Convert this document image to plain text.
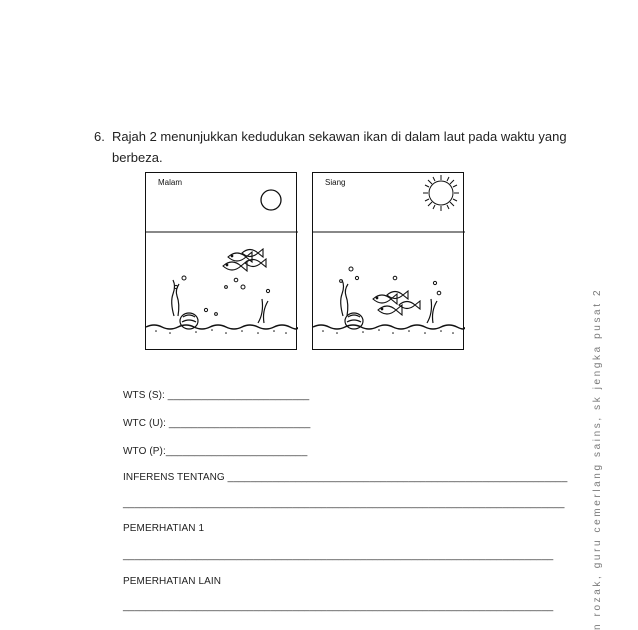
6. Rajah 2 menunjukkan kedudukan sekawan ikan di dalam laut pada waktu yang
berbeza.
Malam	Siang
WTS (S): _________________________
WTC (U): _________________________
WTO (P):_________________________
INFERENS TENTANG ____________________________________________________________
______________________________________________________________________________
PEMERHATIAN 1
____________________________________________________________________________
PEMERHATIAN LAIN
____________________________________________________________________________	n rozak, guru cemerlang sains, sk jengka pusat 2
